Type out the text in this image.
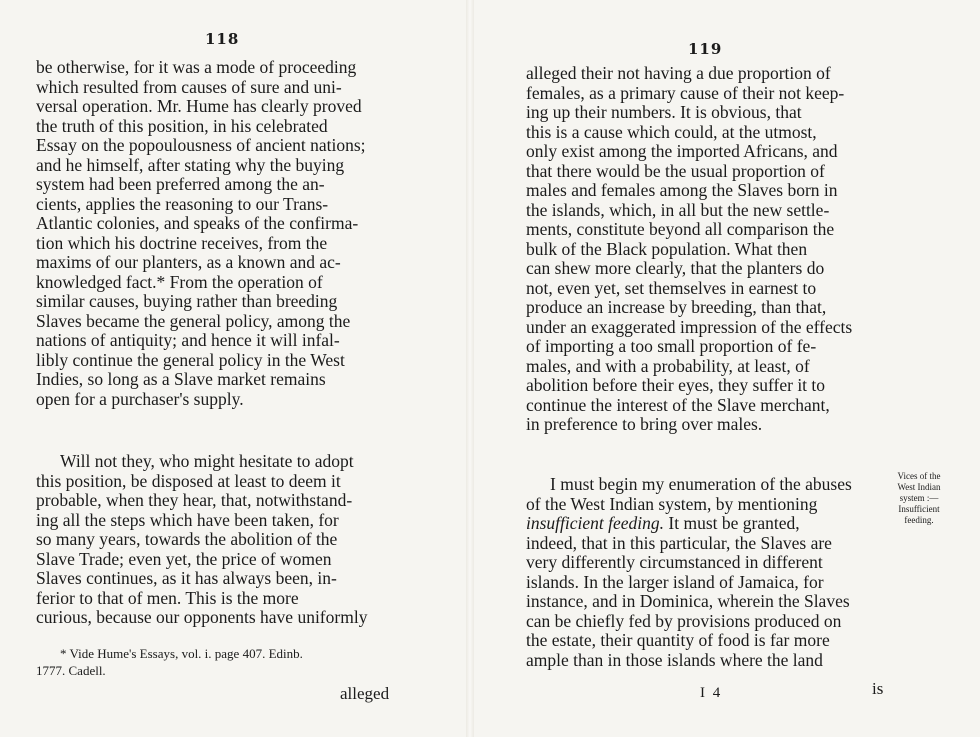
118
be otherwise, for it was a mode of proceeding
which resulted from causes of sure and uni-
versal operation. Mr. Hume has clearly proved
the truth of this position, in his celebrated
Essay on the popoulousness of ancient nations;
and he himself, after stating why the buying
system had been preferred among the an-
cients, applies the reasoning to our Trans-
Atlantic colonies, and speaks of the confirma-
tion which his doctrine receives, from the
maxims of our planters, as a known and ac-
knowledged fact.* From the operation of
similar causes, buying rather than breeding
Slaves became the general policy, among the
nations of antiquity; and hence it will infal-
libly continue the general policy in the West
Indies, so long as a Slave market remains
open for a purchaser's supply.
Will not they, who might hesitate to adopt
this position, be disposed at least to deem it
probable, when they hear, that, notwithstand-
ing all the steps which have been taken, for
so many years, towards the abolition of the
Slave Trade; even yet, the price of women
Slaves continues, as it has always been, in-
ferior to that of men. This is the more
curious, because our opponents have uniformly
* Vide Hume's Essays, vol. i. page 407. Edinb.
1777. Cadell.
alleged
119
alleged their not having a due proportion of
females, as a primary cause of their not keep-
ing up their numbers. It is obvious, that
this is a cause which could, at the utmost,
only exist among the imported Africans, and
that there would be the usual proportion of
males and females among the Slaves born in
the islands, which, in all but the new settle-
ments, constitute beyond all comparison the
bulk of the Black population. What then
can shew more clearly, that the planters do
not, even yet, set themselves in earnest to
produce an increase by breeding, than that,
under an exaggerated impression of the effects
of importing a too small proportion of fe-
males, and with a probability, at least, of
abolition before their eyes, they suffer it to
continue the interest of the Slave merchant,
in preference to bring over males.
I must begin my enumeration of the abuses
of the West Indian system, by mentioning
insufficient feeding. It must be granted,
indeed, that in this particular, the Slaves are
very differently circumstanced in different
islands. In the larger island of Jamaica, for
instance, and in Dominica, wherein the Slaves
can be chiefly fed by provisions produced on
the estate, their quantity of food is far more
ample than in those islands where the land
Vices of the
West Indian
system :—
Insufficient
feeding.
I 4	is
